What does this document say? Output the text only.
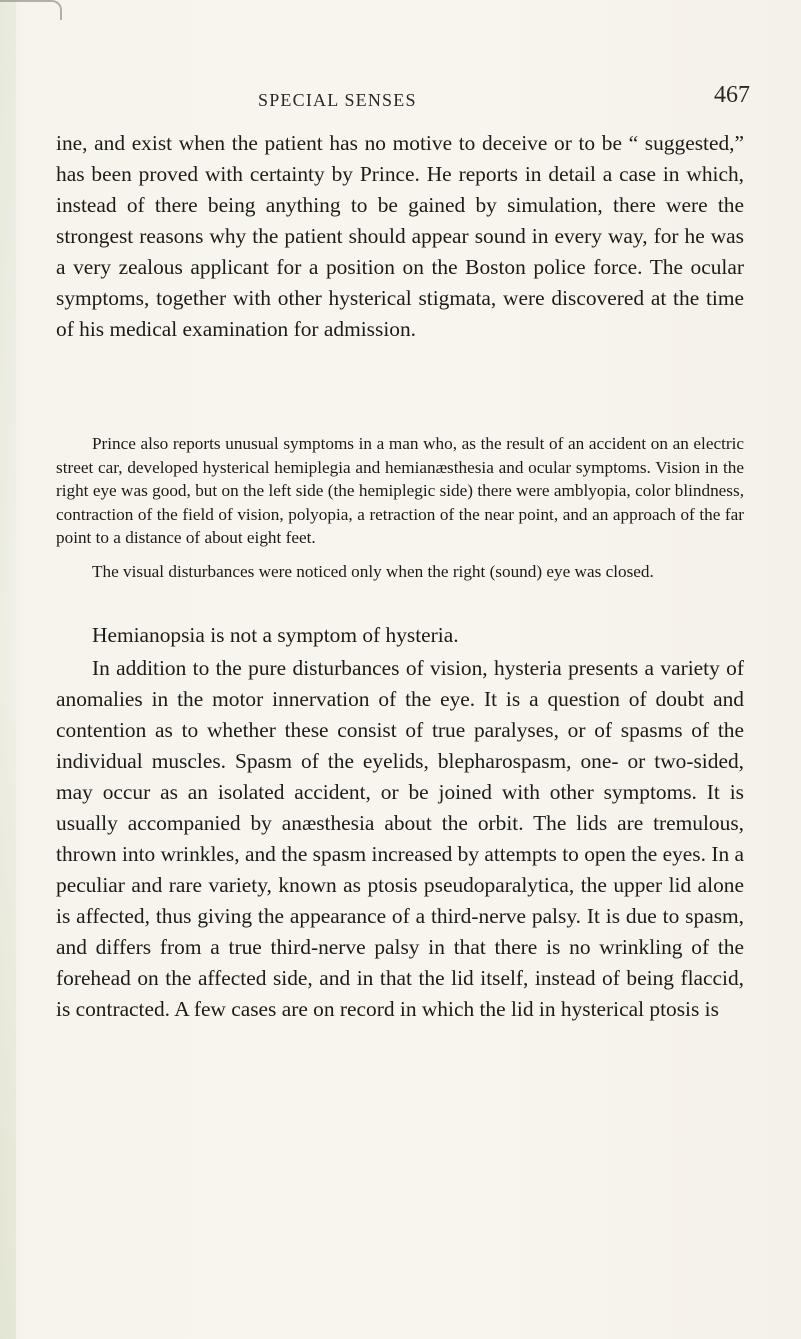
SPECIAL SENSES	467

ine, and exist when the patient has no motive to deceive or to be “ suggested,” has been proved with certainty by Prince. He reports in detail a case in which, instead of there being anything to be gained by simulation, there were the strongest reasons why the patient should appear sound in every way, for he was a very zealous applicant for a position on the Boston police force. The ocular symptoms, together with other hysterical stigmata, were discovered at the time of his medical examination for admission.

Prince also reports unusual symptoms in a man who, as the result of an accident on an electric street car, developed hysterical hemiplegia and hemianæsthesia and ocular symptoms. Vision in the right eye was good, but on the left side (the hemiplegic side) there were amblyopia, color blindness, contraction of the field of vision, polyopia, a retraction of the near point, and an approach of the far point to a distance of about eight feet.

The visual disturbances were noticed only when the right (sound) eye was closed.

Hemianopsia is not a symptom of hysteria.

In addition to the pure disturbances of vision, hysteria presents a variety of anomalies in the motor innervation of the eye. It is a question of doubt and contention as to whether these consist of true paralyses, or of spasms of the individual muscles. Spasm of the eyelids, blepharospasm, one- or two-sided, may occur as an isolated accident, or be joined with other symptoms. It is usually accompanied by anæsthesia about the orbit. The lids are tremulous, thrown into wrinkles, and the spasm increased by attempts to open the eyes. In a peculiar and rare variety, known as ptosis pseudoparalytica, the upper lid alone is affected, thus giving the appearance of a third-nerve palsy. It is due to spasm, and differs from a true third-nerve palsy in that there is no wrinkling of the forehead on the affected side, and in that the lid itself, instead of being flaccid, is contracted. A few cases are on record in which the lid in hysterical ptosis is
